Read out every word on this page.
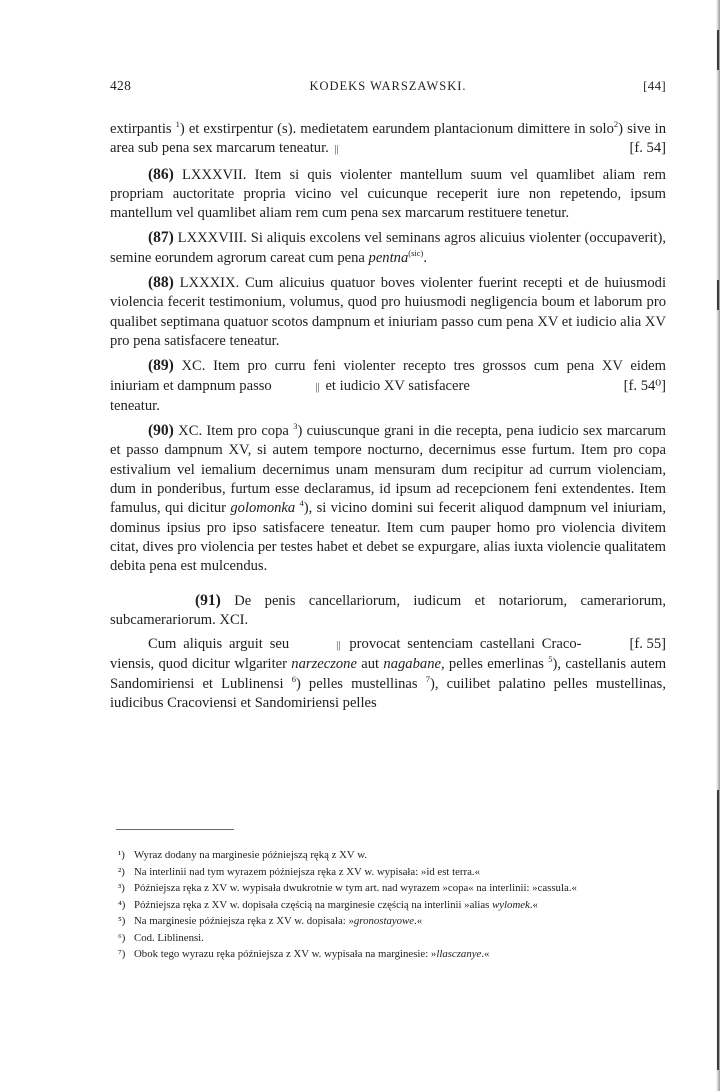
428	KODEKS WARSZAWSKI.	[44]

extirpantis $^1$) et exstirpentur (s). medietatem earundem plantacionum dimittere in solo$^2$) sive in area sub pena sex marcarum teneatur. ||	[f. 54]

(86) LXXXVII. Item si quis violenter mantellum suum vel quamlibet aliam rem propriam auctoritate propria vicino vel cuicunque receperit iure non repetendo, ipsum mantellum vel quamlibet aliam rem cum pena sex marcarum restituere tenetur.

(87) LXXXVIII. Si aliquis excolens vel seminans agros alicuius violenter (occupaverit), semine eorundem agrorum careat cum pena pentna$^{(sic)}$.

(88) LXXXIX. Cum alicuius quatuor boves violenter fuerint recepti et de huiusmodi violencia fecerit testimonium, volumus, quod pro huiusmodi negligencia boum et laborum pro qualibet septimana quatuor scotos dampnum et iniuriam passo cum pena XV et iudicio alia XV pro pena satisfacere teneatur.

(89) XC. Item pro curru feni violenter recepto tres grossos cum pena XV eidem iniuriam et dampnum passo	|| et iudicio XV satisfacere	[f. 54⁰]

teneatur.

(90) XC. Item pro copa $^3$) cuiuscunque grani in die recepta, pena iudicio sex marcarum et passo dampnum XV, si autem tempore nocturno, decernimus esse furtum. Item pro copa estivalium vel iemalium decernimus unam mensuram dum recipitur ad currum violenciam, dum in ponderibus, furtum esse declaramus, id ipsum ad recepcionem feni extendentes. Item famulus, qui dicitur golomonka $^4$), si vicino domini sui fecerit aliquod dampnum vel iniuriam, dominus ipsius pro ipso satisfacere teneatur. Item cum pauper homo pro violencia divitem citat, dives pro violencia per testes habet et debet se expurgare, alias iuxta violencie qualitatem debita pena est mulcendus.

(91) De penis cancellariorum, iudicum et notariorum, camerariorum, subcamerariorum. XCI.

Cum aliquis arguit seu	|| provocat sentenciam castellani Craco-	[f. 55]
viensis, quod dicitur wlgariter narzeczone aut nagabane, pelles emerlinas $^5$), castellanis autem Sandomiriensi et Lublinensi $^6$) pelles mustellinas $^7$), cuilibet palatino pelles mustellinas, iudicibus Cracoviensi et Sandomiriensi pelles

¹) Wyraz dodany na marginesie późniejszą ręką z XV w.

²) Na interlinii nad tym wyrazem późniejsza ręka z XV w. wypisała: »id est terra.«

³) Późniejsza ręka z XV w. wypisała dwukrotnie w tym art. nad wyrazem »copa« na interlinii: »cassula.«

⁴) Późniejsza ręka z XV w. dopisała częścią na marginesie częścią na interlinii »alias wylomek.«

⁵) Na marginesie późniejsza ręka z XV w. dopisała: »gronostayowe.«

⁶) Cod. Liblinensi.

⁷) Obok tego wyrazu ręka późniejsza z XV w. wypisała na marginesie: »llasczanye.«
